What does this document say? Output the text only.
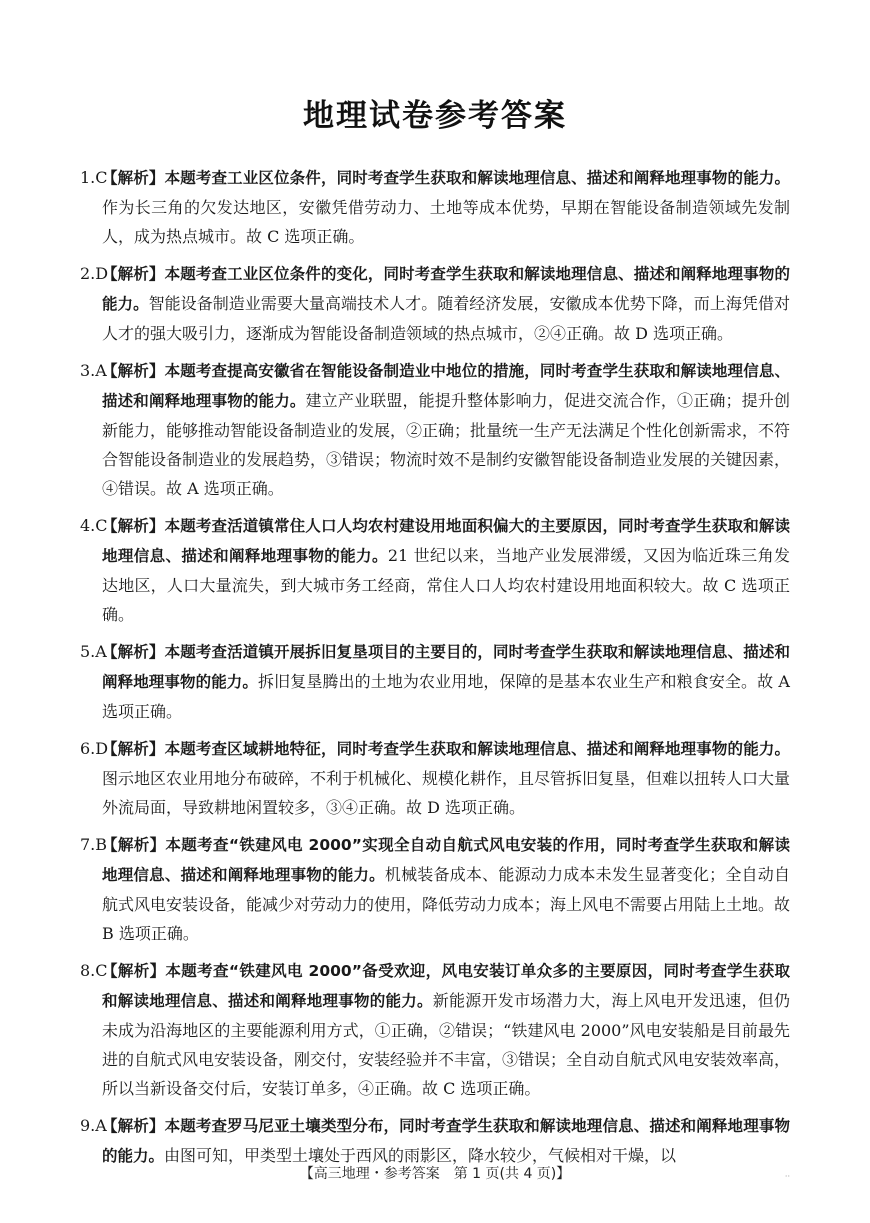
地理试卷参考答案
1.C
【解析】本题考查工业区位条件，同时考查学生获取和解读地理信息、描述和阐释地理事物的能力。作为长三角的欠发达地区，安徽凭借劳动力、土地等成本优势，早期在智能设备制造领域先发制人，成为热点城市。故 C 选项正确。
2.D
【解析】本题考查工业区位条件的变化，同时考查学生获取和解读地理信息、描述和阐释地理事物的能力。智能设备制造业需要大量高端技术人才。随着经济发展，安徽成本优势下降，而上海凭借对人才的强大吸引力，逐渐成为智能设备制造领域的热点城市，②④正确。故 D 选项正确。
3.A
【解析】本题考查提高安徽省在智能设备制造业中地位的措施，同时考查学生获取和解读地理信息、描述和阐释地理事物的能力。建立产业联盟，能提升整体影响力，促进交流合作，①正确；提升创新能力，能够推动智能设备制造业的发展，②正确；批量统一生产无法满足个性化创新需求，不符合智能设备制造业的发展趋势，③错误；物流时效不是制约安徽智能设备制造业发展的关键因素，④错误。故 A 选项正确。
4.C
【解析】本题考查活道镇常住人口人均农村建设用地面积偏大的主要原因，同时考查学生获取和解读地理信息、描述和阐释地理事物的能力。21 世纪以来，当地产业发展滞缓，又因为临近珠三角发达地区，人口大量流失，到大城市务工经商，常住人口人均农村建设用地面积较大。故 C 选项正确。
5.A
【解析】本题考查活道镇开展拆旧复垦项目的主要目的，同时考查学生获取和解读地理信息、描述和阐释地理事物的能力。拆旧复垦腾出的土地为农业用地，保障的是基本农业生产和粮食安全。故 A 选项正确。
6.D
【解析】本题考查区域耕地特征，同时考查学生获取和解读地理信息、描述和阐释地理事物的能力。图示地区农业用地分布破碎，不利于机械化、规模化耕作，且尽管拆旧复垦，但难以扭转人口大量外流局面，导致耕地闲置较多，③④正确。故 D 选项正确。
7.B
【解析】本题考查“铁建风电 2000”实现全自动自航式风电安装的作用，同时考查学生获取和解读地理信息、描述和阐释地理事物的能力。机械装备成本、能源动力成本未发生显著变化；全自动自航式风电安装设备，能减少对劳动力的使用，降低劳动力成本；海上风电不需要占用陆上土地。故 B 选项正确。
8.C
【解析】本题考查“铁建风电 2000”备受欢迎，风电安装订单众多的主要原因，同时考查学生获取和解读地理信息、描述和阐释地理事物的能力。新能源开发市场潜力大，海上风电开发迅速，但仍未成为沿海地区的主要能源利用方式，①正确，②错误；“铁建风电 2000”风电安装船是目前最先进的自航式风电安装设备，刚交付，安装经验并不丰富，③错误；全自动自航式风电安装效率高，所以当新设备交付后，安装订单多，④正确。故 C 选项正确。
9.A
【解析】本题考查罗马尼亚土壤类型分布，同时考查学生获取和解读地理信息、描述和阐释地理事物的能力。由图可知，甲类型土壤处于西风的雨影区，降水较少，气候相对干燥，以
【高三地理・参考答案　第 1 页(共 4 页)】	··
